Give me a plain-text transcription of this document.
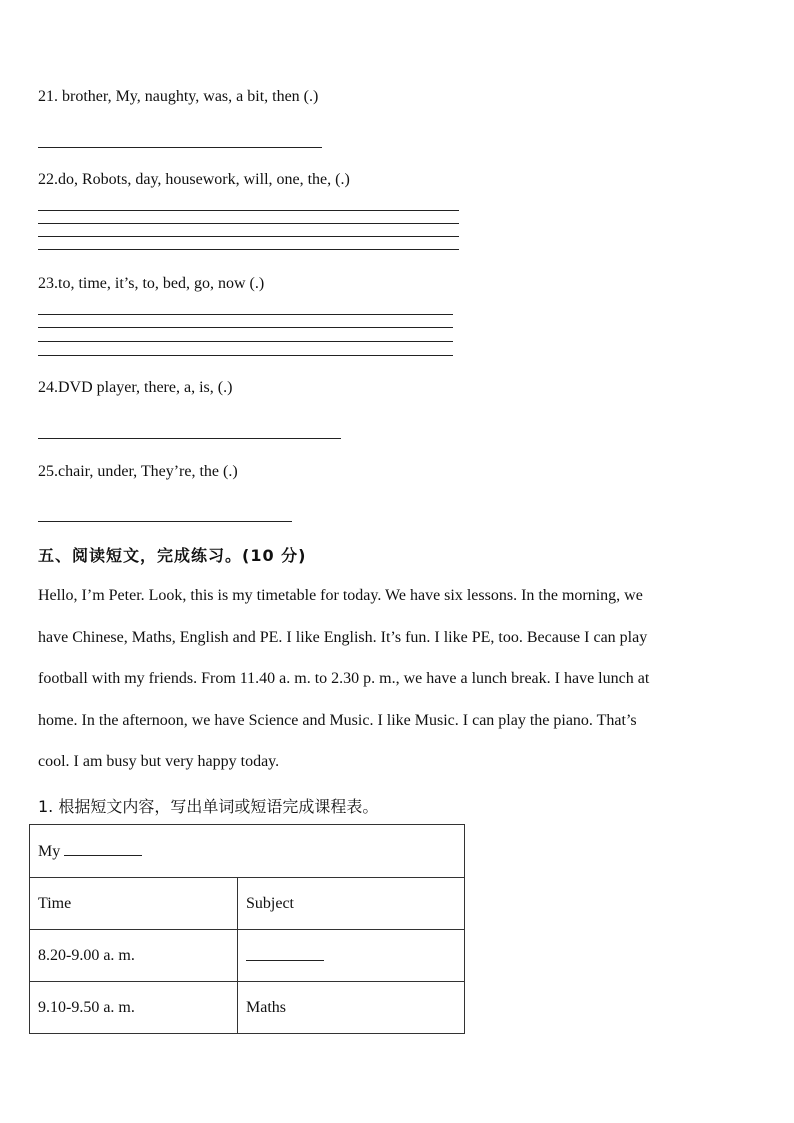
21. brother, My, naughty, was, a bit, then (.)
22.do, Robots, day, housework, will, one, the, (.)
23.to, time, it’s, to, bed, go, now (.)
24.DVD player, there, a, is, (.)
25.chair, under, They’re, the (.)
五、阅读短文，完成练习。(10 分)

Hello, I’m Peter. Look, this is my timetable for today. We have six lessons. In the morning, we

have Chinese, Maths, English and PE. I like English. It’s fun. I like PE, too. Because I can play

football with my friends. From 11.40 a. m. to 2.30 p. m., we have a lunch break. I have lunch at

home. In the afternoon, we have Science and Music. I like Music. I can play the piano. That’s

cool. I am busy but very happy today.

1. 根据短文内容，写出单词或短语完成课程表。
My	
Time	Subject
8.20-9.00 a. m.	
9.10-9.50 a. m.	Maths
